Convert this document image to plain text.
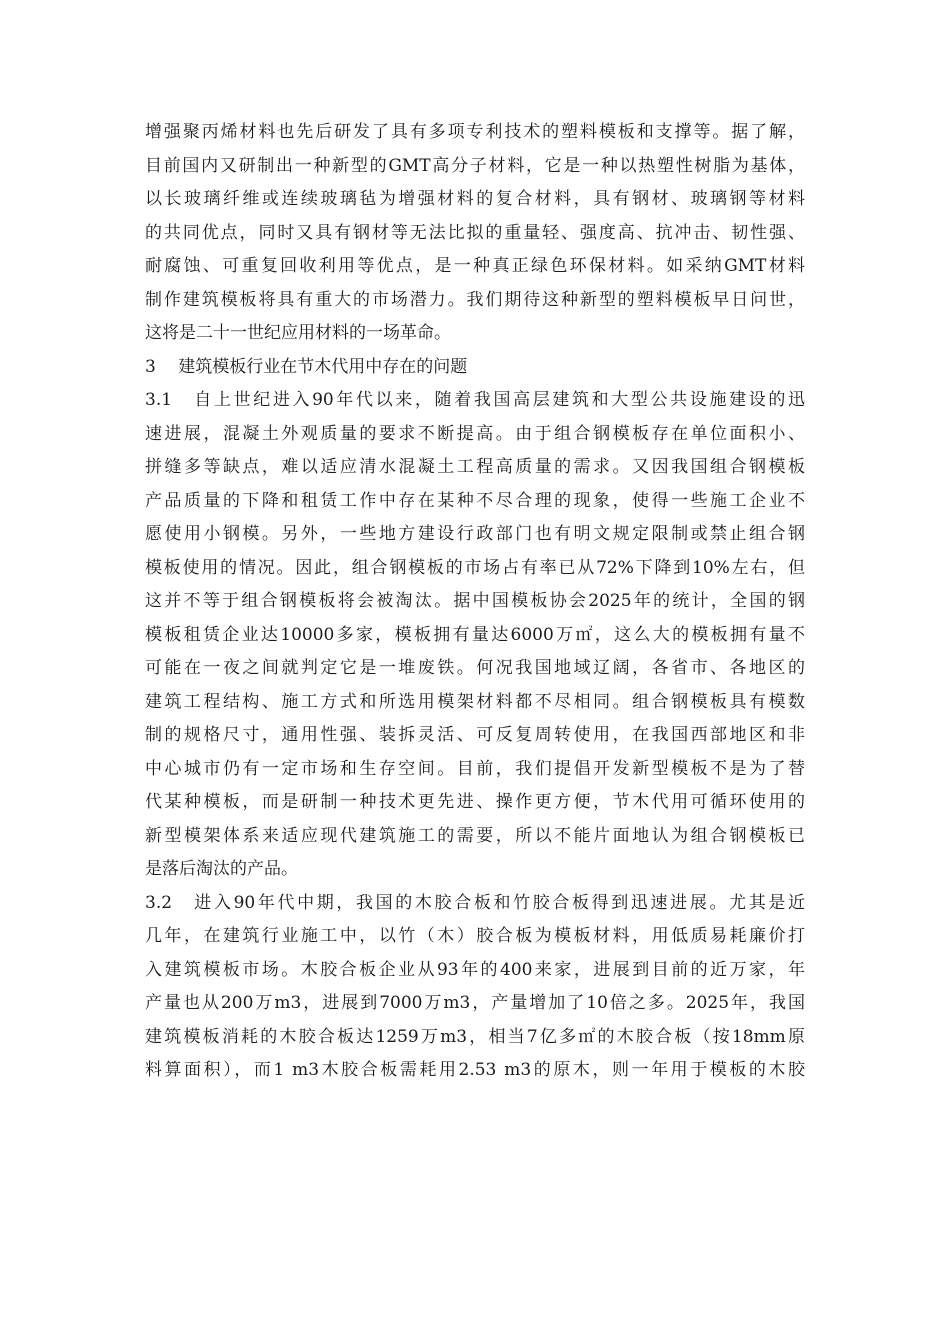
增强聚丙烯材料也先后研发了具有多项专利技术的塑料模板和支撑等。据了解，
目前国内又研制出一种新型的GMT高分子材料，它是一种以热塑性树脂为基体，
以长玻璃纤维或连续玻璃毡为增强材料的复合材料，具有钢材、玻璃钢等材料
的共同优点，同时又具有钢材等无法比拟的重量轻、强度高、抗冲击、韧性强、
耐腐蚀、可重复回收利用等优点，是一种真正绿色环保材料。如采纳GMT材料
制作建筑模板将具有重大的市场潜力。我们期待这种新型的塑料模板早日问世，
这将是二十一世纪应用材料的一场革命。
3　 建筑模板行业在节木代用中存在的问题
3.1　自上世纪进入90年代以来，随着我国高层建筑和大型公共设施建设的迅
速进展，混凝土外观质量的要求不断提高。由于组合钢模板存在单位面积小、
拼缝多等缺点，难以适应清水混凝土工程高质量的需求。又因我国组合钢模板
产品质量的下降和租赁工作中存在某种不尽合理的现象，使得一些施工企业不
愿使用小钢模。另外，一些地方建设行政部门也有明文规定限制或禁止组合钢
模板使用的情况。因此，组合钢模板的市场占有率已从72%下降到10%左右，但
这并不等于组合钢模板将会被淘汰。据中国模板协会2025年的统计，全国的钢
模板租赁企业达10000多家，模板拥有量达6000万㎡，这么大的模板拥有量不
可能在一夜之间就判定它是一堆废铁。何况我国地域辽阔，各省市、各地区的
建筑工程结构、施工方式和所选用模架材料都不尽相同。组合钢模板具有模数
制的规格尺寸，通用性强、装拆灵活、可反复周转使用，在我国西部地区和非
中心城市仍有一定市场和生存空间。目前，我们提倡开发新型模板不是为了替
代某种模板，而是研制一种技术更先进、操作更方便，节木代用可循环使用的
新型模架体系来适应现代建筑施工的需要，所以不能片面地认为组合钢模板已
是落后淘汰的产品。
3.2　进入90年代中期，我国的木胶合板和竹胶合板得到迅速进展。尤其是近
几年，在建筑行业施工中，以竹（木）胶合板为模板材料，用低质易耗廉价打
入建筑模板市场。木胶合板企业从93年的400来家，进展到目前的近万家，年
产量也从200万m3，进展到7000万m3，产量增加了10倍之多。2025年，我国
建筑模板消耗的木胶合板达1259万m3，相当7亿多㎡的木胶合板（按18mm原
料算面积），而1 m3木胶合板需耗用2.53 m3的原木，则一年用于模板的木胶
